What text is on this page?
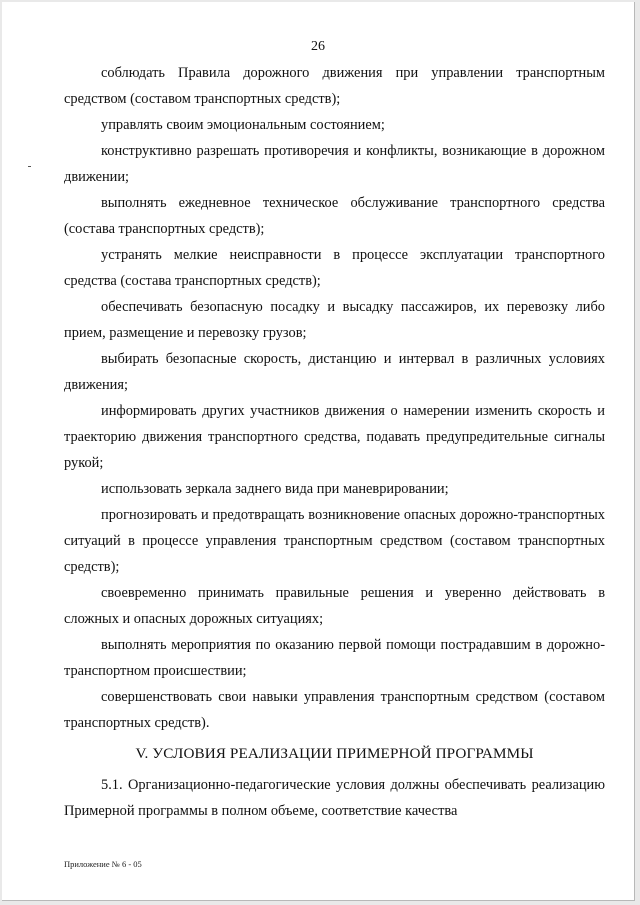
26

соблюдать Правила дорожного движения при управлении транспортным средством (составом транспортных средств);

управлять своим эмоциональным состоянием;

конструктивно разрешать противоречия и конфликты, возникающие в дорожном движении;

выполнять ежедневное техническое обслуживание транспортного средства (состава транспортных средств);

устранять мелкие неисправности в процессе эксплуатации транспортного средства (состава транспортных средств);

обеспечивать безопасную посадку и высадку пассажиров, их перевозку либо прием, размещение и перевозку грузов;

выбирать безопасные скорость, дистанцию и интервал в различных условиях движения;

информировать других участников движения о намерении изменить скорость и траекторию движения транспортного средства, подавать предупредительные сигналы рукой;

использовать зеркала заднего вида при маневрировании;

прогнозировать и предотвращать возникновение опасных дорожно-транспортных ситуаций в процессе управления транспортным средством (составом транспортных средств);

своевременно принимать правильные решения и уверенно действовать в сложных и опасных дорожных ситуациях;

выполнять мероприятия по оказанию первой помощи пострадавшим в дорожно-транспортном происшествии;

совершенствовать свои навыки управления транспортным средством (составом транспортных средств).

V. УСЛОВИЯ РЕАЛИЗАЦИИ ПРИМЕРНОЙ ПРОГРАММЫ

5.1. Организационно-педагогические условия должны обеспечивать реализацию Примерной программы в полном объеме, соответствие качества

Приложение № 6 - 05
